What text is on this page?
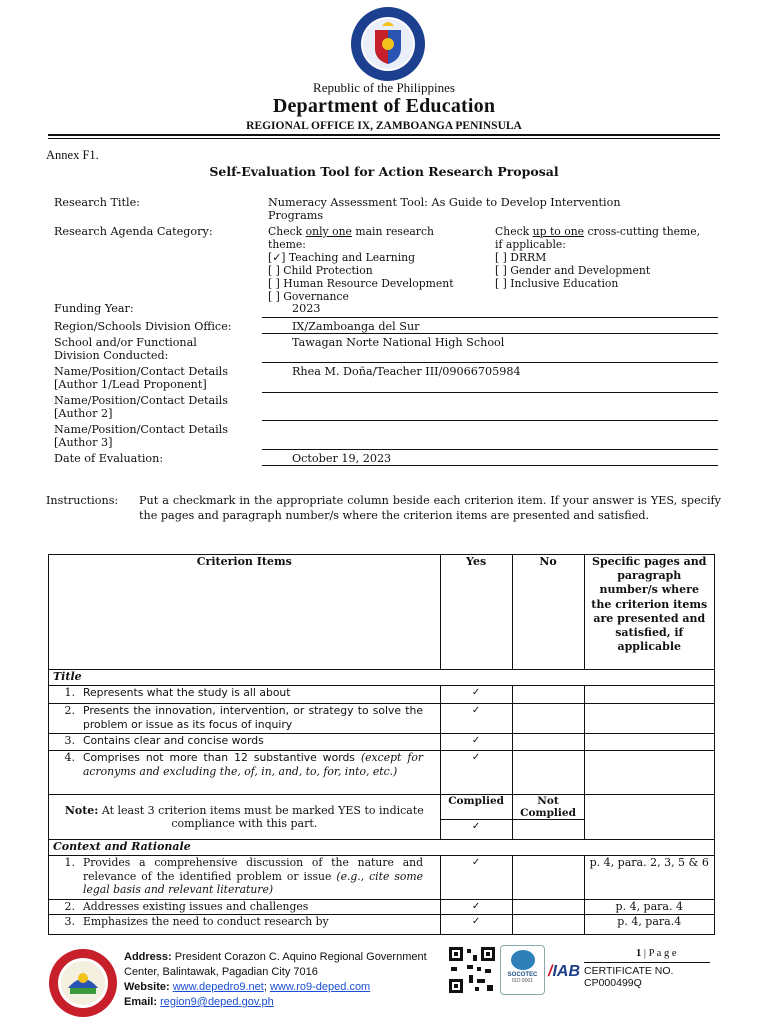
Republic of the Philippines
Department of Education
REGIONAL OFFICE IX, ZAMBOANGA PENINSULA
Annex F1.
Self-Evaluation Tool for Action Research Proposal
Research Title:	Numeracy Assessment Tool: As Guide to Develop Intervention
Programs
Research Agenda Category:	Check only one main research
theme:
[✓] Teaching and Learning
[ ] Child Protection
[ ] Human Resource Development
[ ] Governance
Check up to one cross-cutting theme,
if applicable:
[ ] DRRM
[ ] Gender and Development
[ ] Inclusive Education
Funding Year:	2023
Region/Schools Division Office:	IX/Zamboanga del Sur
School and/or Functional
Division Conducted:
Tawagan Norte National High School
Name/Position/Contact Details
[Author 1/Lead Proponent]
Rhea M. Doña/Teacher III/09066705984
Name/Position/Contact Details
[Author 2]
Name/Position/Contact Details
[Author 3]
Date of Evaluation:	October 19, 2023
Instructions: Put a checkmark in the appropriate column beside each criterion item. If your answer is YES, specify the pages and paragraph number/s where the criterion items are presented and satisfied.
Criterion Items	Yes	No	Specific pages and paragraph number/s where the criterion items are presented and satisfied, if applicable
Title			
1. Represents what the study is all about	✓		
2. Presents the innovation, intervention, or strategy to solve the problem or issue as its focus of inquiry	✓		
3. Contains clear and concise words	✓		
4. Comprises not more than 12 substantive words (except for acronyms and excluding the, of, in, and, to, for, into, etc.)	✓		
Note: At least 3 criterion items must be marked YES to indicate compliance with this part.	Complied	Not Complied	
	✓		
Context and Rationale			
1. Provides a comprehensive discussion of the nature and relevance of the identified problem or issue (e.g., cite some legal basis and relevant literature)	✓		p. 4, para. 2, 3, 5 & 6
2. Addresses existing issues and challenges	✓		p. 4, para. 4
3. Emphasizes the need to conduct research by	✓		p. 4, para.4
Address: President Corazon C. Aquino Regional Government
Center, Balintawak, Pagadian City 7016
Website: www.depedro9.net; www.ro9-deped.com
Email: region9@deped.gov.ph
SOCOTEC
ISO 9001
/IAB
1 | P a g e
CERTIFICATE NO.
CP000499Q
